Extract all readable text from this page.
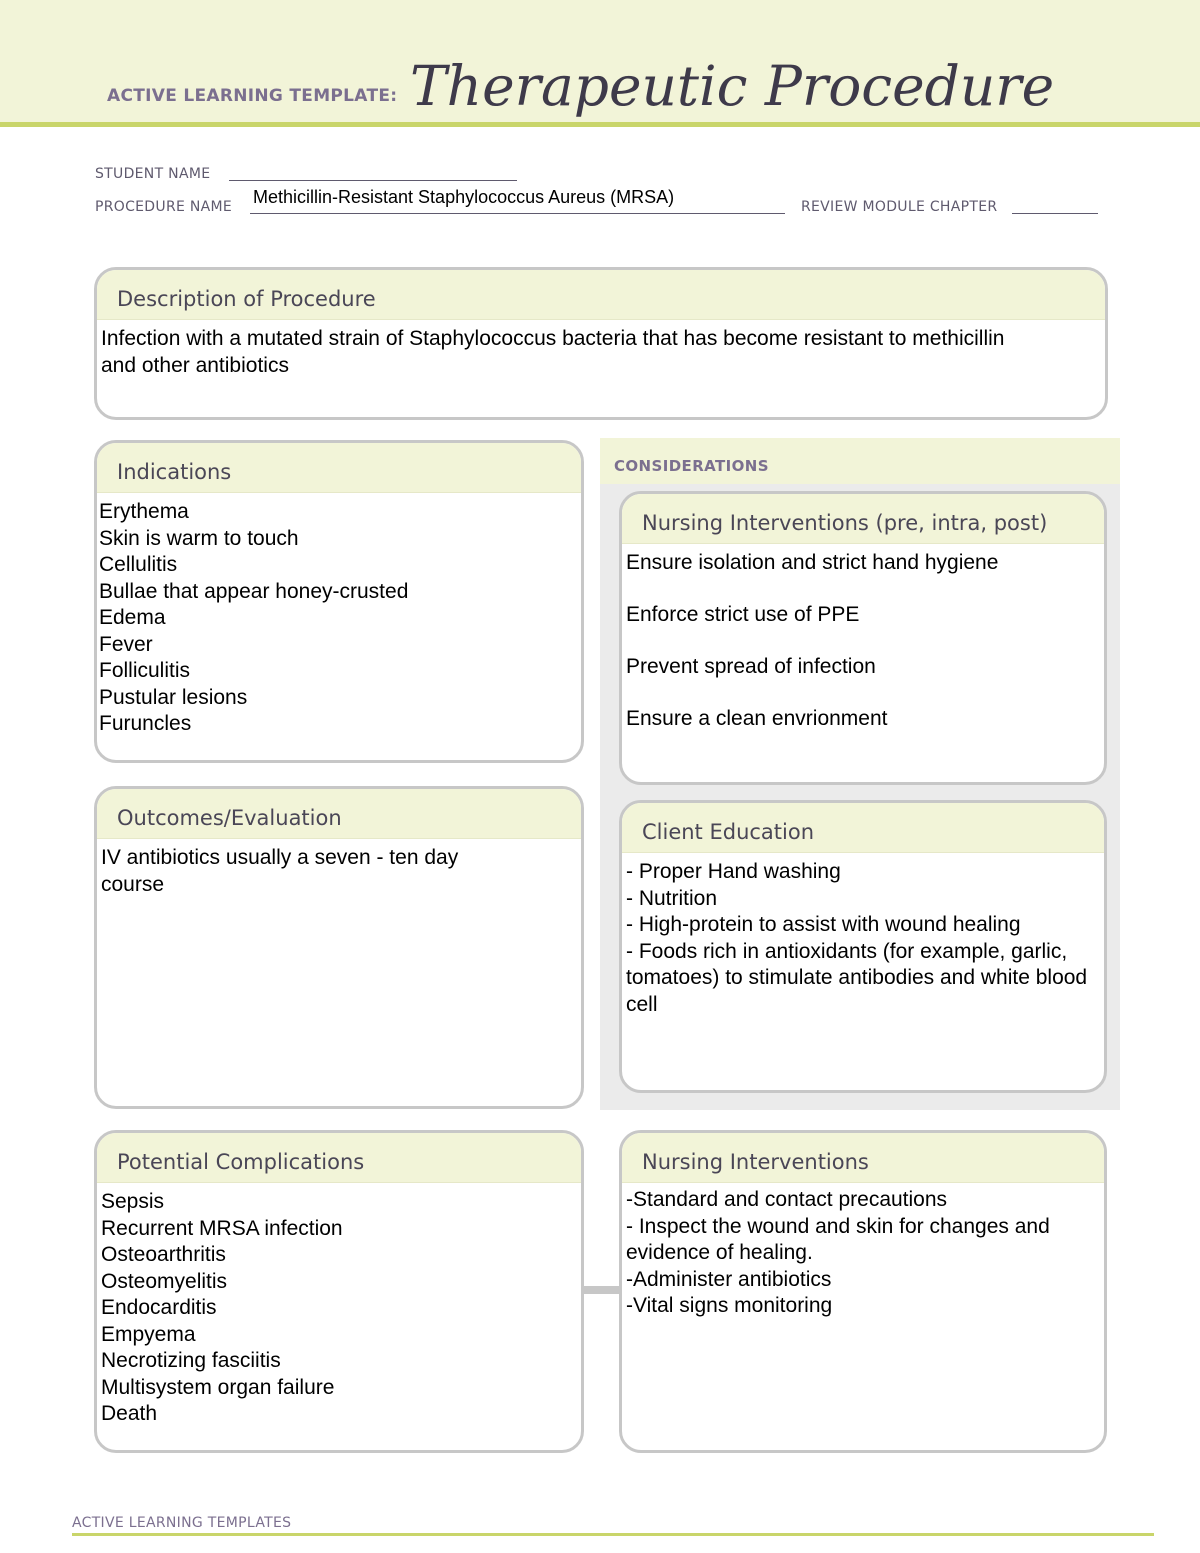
ACTIVE LEARNING TEMPLATE: Therapeutic Procedure
STUDENT NAME
PROCEDURE NAME Methicillin-Resistant Staphylococcus Aureus (MRSA)	REVIEW MODULE CHAPTER
Description of Procedure
Infection with a mutated strain of Staphylococcus bacteria that has become resistant to methicillin and other antibiotics
Indications
Erythema
Skin is warm to touch
Cellulitis
Bullae that appear honey-crusted
Edema
Fever
Folliculitis
Pustular lesions
Furuncles
CONSIDERATIONS
Nursing Interventions (pre, intra, post)
Ensure isolation and strict hand hygiene
Enforce strict use of PPE
Prevent spread of infection
Ensure a clean envrionment
Client Education
- Proper Hand washing
- Nutrition
- High-protein to assist with wound healing
- Foods rich in antioxidants (for example, garlic, tomatoes) to stimulate antibodies and white blood cell
Outcomes/Evaluation
IV antibiotics usually a seven - ten day course
Potential Complications
Sepsis
Recurrent MRSA infection
Osteoarthritis
Osteomyelitis
Endocarditis
Empyema
Necrotizing fasciitis
Multisystem organ failure
Death
Nursing Interventions
-Standard and contact precautions
- Inspect the wound and skin for changes and evidence of healing.
-Administer antibiotics
-Vital signs monitoring
ACTIVE LEARNING TEMPLATES
